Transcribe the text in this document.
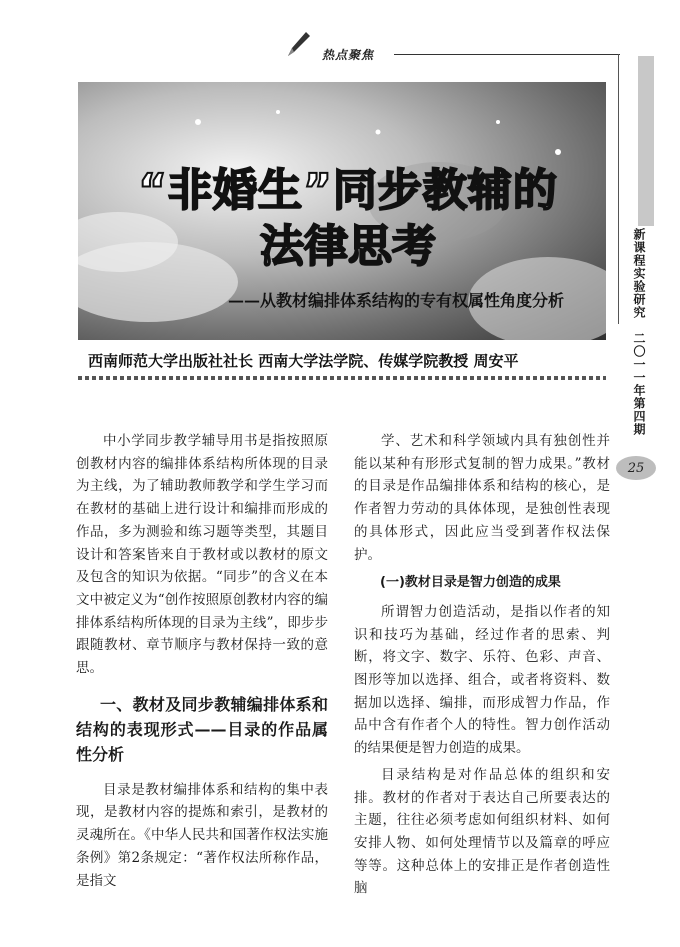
热点聚焦
新课程实验研究 二〇一一年第四期
25
“非婚生”同步教辅的
法律思考
——从教材编排体系结构的专有权属性角度分析
西南师范大学出版社社长 西南大学法学院、传媒学院教授 周安平

中小学同步教学辅导用书是指按照原创教材内容的编排体系结构所体现的目录为主线，为了辅助教师教学和学生学习而在教材的基础上进行设计和编排而形成的作品，多为测验和练习题等类型，其题目设计和答案皆来自于教材或以教材的原文及包含的知识为依据。“同步”的含义在本文中被定义为“创作按照原创教材内容的编排体系结构所体现的目录为主线”，即步步跟随教材、章节顺序与教材保持一致的意思。

一、教材及同步教辅编排体系和结构的表现形式——目录的作品属性分析

目录是教材编排体系和结构的集中表现，是教材内容的提炼和索引，是教材的灵魂所在。《中华人民共和国著作权法实施条例》第2条规定：“著作权法所称作品，是指文

学、艺术和科学领域内具有独创性并能以某种有形形式复制的智力成果。”教材的目录是作品编排体系和结构的核心，是作者智力劳动的具体体现，是独创性表现的具体形式，因此应当受到著作权法保护。

(一)教材目录是智力创造的成果

所谓智力创造活动，是指以作者的知识和技巧为基础，经过作者的思索、判断，将文字、数字、乐符、色彩、声音、图形等加以选择、组合，或者将资料、数据加以选择、编排，而形成智力作品，作品中含有作者个人的特性。智力创作活动的结果便是智力创造的成果。

目录结构是对作品总体的组织和安排。教材的作者对于表达自己所要表达的主题，往往必须考虑如何组织材料、如何安排人物、如何处理情节以及篇章的呼应等等。这种总体上的安排正是作者创造性脑
